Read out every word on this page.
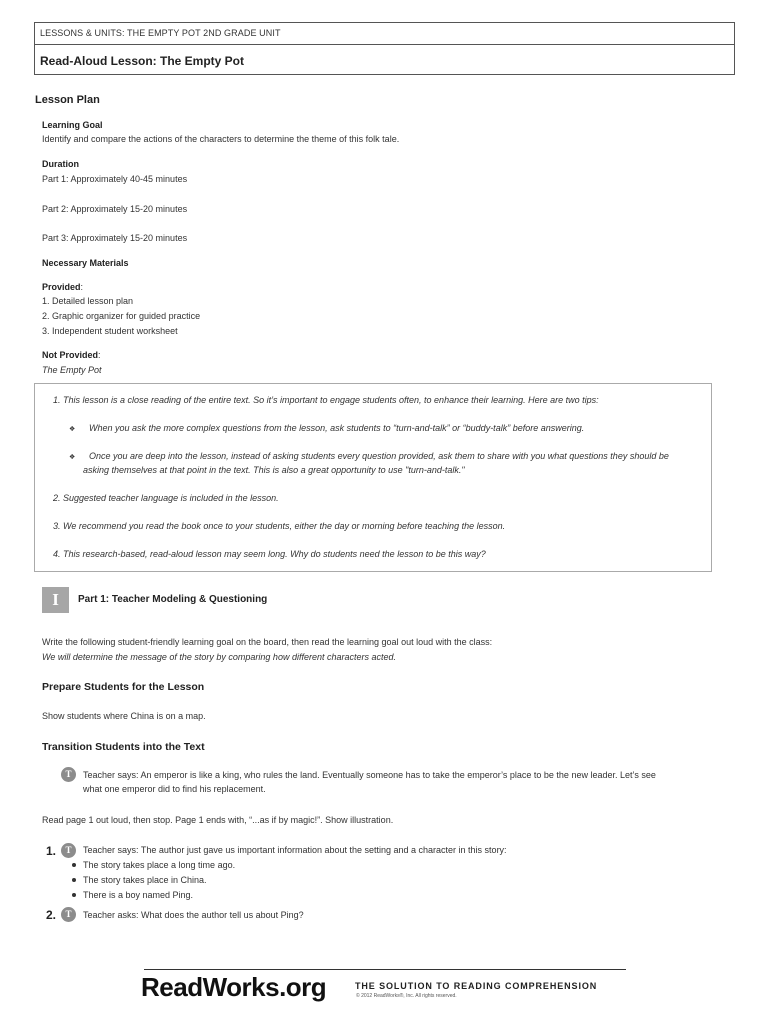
LESSONS & UNITS: THE EMPTY POT 2ND GRADE UNIT
Read-Aloud Lesson: The Empty Pot
Lesson Plan
Learning Goal
Identify and compare the actions of the characters to determine the theme of this folk tale.
Duration
Part 1: Approximately 40-45 minutes
Part 2: Approximately 15-20 minutes
Part 3: Approximately 15-20 minutes
Necessary Materials
Provided:
1. Detailed lesson plan
2. Graphic organizer for guided practice
3. Independent student worksheet
Not Provided:
The Empty Pot
1. This lesson is a close reading of the entire text. So it’s important to engage students often, to enhance their learning. Here are two tips:
❖ When you ask the more complex questions from the lesson, ask students to “turn-and-talk” or “buddy-talk” before answering.
❖ Once you are deep into the lesson, instead of asking students every question provided, ask them to share with you what questions they should be
asking themselves at that point in the text. This is also a great opportunity to use "turn-and-talk."
2. Suggested teacher language is included in the lesson.
3. We recommend you read the book once to your students, either the day or morning before teaching the lesson.
4. This research-based, read-aloud lesson may seem long. Why do students need the lesson to be this way?
I	Part 1: Teacher Modeling & Questioning
Write the following student-friendly learning goal on the board, then read the learning goal out loud with the class:
We will determine the message of the story by comparing how different characters acted.
Prepare Students for the Lesson
Show students where China is on a map.
Transition Students into the Text
T	Teacher says: An emperor is like a king, who rules the land. Eventually someone has to take the emperor’s place to be the new leader. Let’s see
what one emperor did to find his replacement.
Read page 1 out loud, then stop. Page 1 ends with, “...as if by magic!”. Show illustration.
1.	T	Teacher says: The author just gave us important information about the setting and a character in this story:
The story takes place a long time ago.
The story takes place in China.
There is a boy named Ping.
2.	T	Teacher asks: What does the author tell us about Ping?
ReadWorks.org	THE SOLUTION TO READING COMPREHENSION
© 2012 ReadWorks®, Inc. All rights reserved.
